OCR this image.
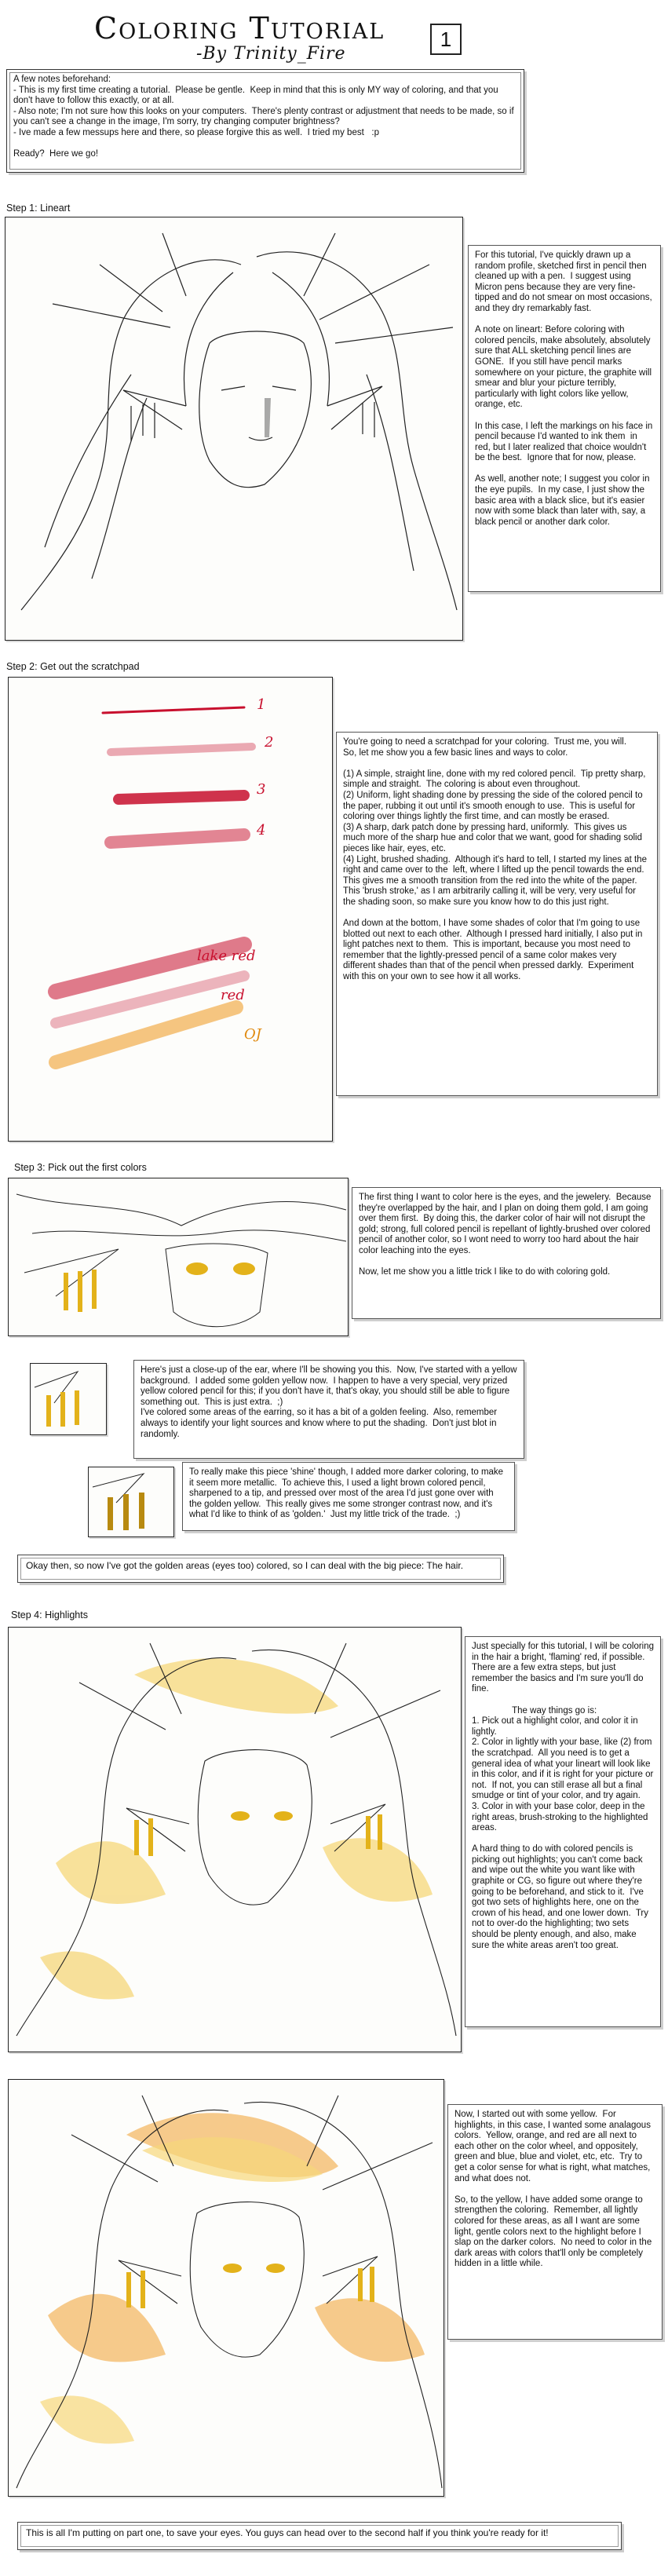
Coloring Tutorial
-By Trinity_Fire
1
A few notes beforehand:
- This is my first time creating a tutorial.  Please be gentle.  Keep in mind that this is only MY way of coloring, and that you don't have to follow this exactly, or at all.
- Also note; I'm not sure how this looks on your computers.  There's plenty contrast or adjustment that needs to be made, so if you can't see a change in the image, I'm sorry, try changing computer brightness?
- Ive made a few messups here and there, so please forgive this as well.  I tried my best   :p

Ready?  Here we go!
Step 1: Lineart
For this tutorial, I've quickly drawn up a random profile, sketched first in pencil then cleaned up with a pen.  I suggest using Micron pens because they are very fine-tipped and do not smear on most occasions, and they dry remarkably fast.

A note on lineart: Before coloring with colored pencils, make absolutely, absolutely sure that ALL sketching pencil lines are GONE.  If you still have pencil marks somewhere on your picture, the graphite will smear and blur your picture terribly, particularly with light colors like yellow, orange, etc.

In this case, I left the markings on his face in pencil because I'd wanted to ink them  in red, but I later realized that choice wouldn't be the best.  Ignore that for now, please.

As well, another note; I suggest you color in the eye pupils.  In my case, I just show the basic area with a black slice, but it's easier now with some black than later with, say, a black pencil or another dark color.
Step 2: Get out the scratchpad
1
2
3
4
lake red
red
OJ
You're going to need a scratchpad for your coloring.  Trust me, you will.
So, let me show you a few basic lines and ways to color.

(1) A simple, straight line, done with my red colored pencil.  Tip pretty sharp, simple and straight.  The coloring is about even throughout.
(2) Uniform, light shading done by pressing the side of the colored pencil to the paper, rubbing it out until it's smooth enough to use.  This is useful for coloring over things lightly the first time, and can mostly be erased.
(3) A sharp, dark patch done by pressing hard, uniformly.  This gives us much more of the sharp hue and color that we want, good for shading solid pieces like hair, eyes, etc.
(4) Light, brushed shading.  Although it's hard to tell, I started my lines at the right and came over to the  left, where I lifted up the pencil towards the end.  This gives me a smooth transition from the red into the white of the paper.  This 'brush stroke,' as I am arbitrarily calling it, will be very, very useful for the shading soon, so make sure you know how to do this just right.

And down at the bottom, I have some shades of color that I'm going to use blotted out next to each other.  Although I pressed hard initially, I also put in light patches next to them.  This is important, because you most need to remember that the lightly-pressed pencil of a same color makes very different shades than that of the pencil when pressed darkly.  Experiment with this on your own to see how it all works.
Step 3: Pick out the first colors
The first thing I want to color here is the eyes, and the jewelery.  Because they're overlapped by the hair, and I plan on doing them gold, I am going over them first.  By doing this, the darker color of hair will not disrupt the gold; strong, full colored pencil is repellant of lightly-brushed over colored pencil of another color, so I wont need to worry too hard about the hair color leaching into the eyes.

Now, let me show you a little trick I like to do with coloring gold.
Here's just a close-up of the ear, where I'll be showing you this.  Now, I've started with a yellow background.  I added some golden yellow now.  I happen to have a very special, very prized yellow colored pencil for this; if you don't have it, that's okay, you should still be able to figure something out.  This is just extra.  ;)
I've colored some areas of the earring, so it has a bit of a golden feeling.  Also, remember always to identify your light sources and know where to put the shading.  Don't just blot in randomly.
To really make this piece 'shine' though, I added more darker coloring, to make it seem more metallic.  To achieve this, I used a light brown colored pencil, sharpened to a tip, and pressed over most of the area I'd just gone over with the golden yellow.  This really gives me some stronger contrast now, and it's what I'd like to think of as 'golden.'  Just my little trick of the trade.  ;)
Okay then, so now I've got the golden areas (eyes too) colored, so I can deal with the big piece: The hair.
Step 4: Highlights
Just specially for this tutorial, I will be coloring in the hair a bright, 'flaming' red, if possible.  There are a few extra steps, but just remember the basics and I'm sure you'll do fine.

The way things go is:
1. Pick out a highlight color, and color it in lightly.
2. Color in lightly with your base, like (2) from the scratchpad.  All you need is to get a general idea of what your lineart will look like in this color, and if it is right for your picture or not.  If not, you can still erase all but a final smudge or tint of your color, and try again.
3. Color in with your base color, deep in the right areas, brush-stroking to the highlighted areas.

A hard thing to do with colored pencils is picking out highlights; you can't come back and wipe out the white you want like with graphite or CG, so figure out where they're going to be beforehand, and stick to it.  I've got two sets of highlights here, one on the crown of his head, and one lower down.  Try not to over-do the highlighting; two sets should be plenty enough, and also, make sure the white areas aren't too great.
Now, I started out with some yellow.  For highlights, in this case, I wanted some analagous colors.  Yellow, orange, and red are all next to each other on the color wheel, and oppositely, green and blue, blue and violet, etc, etc.  Try to get a color sense for what is right, what matches, and what does not.

So, to the yellow, I have added some orange to strengthen the coloring.  Remember, all lightly colored for these areas, as all I want are some light, gentle colors next to the highlight before I slap on the darker colors.  No need to color in the dark areas with colors that'll only be completely hidden in a little while.
This is all I'm putting on part one, to save your eyes. You guys can head over to the second half if you think you're ready for it!
